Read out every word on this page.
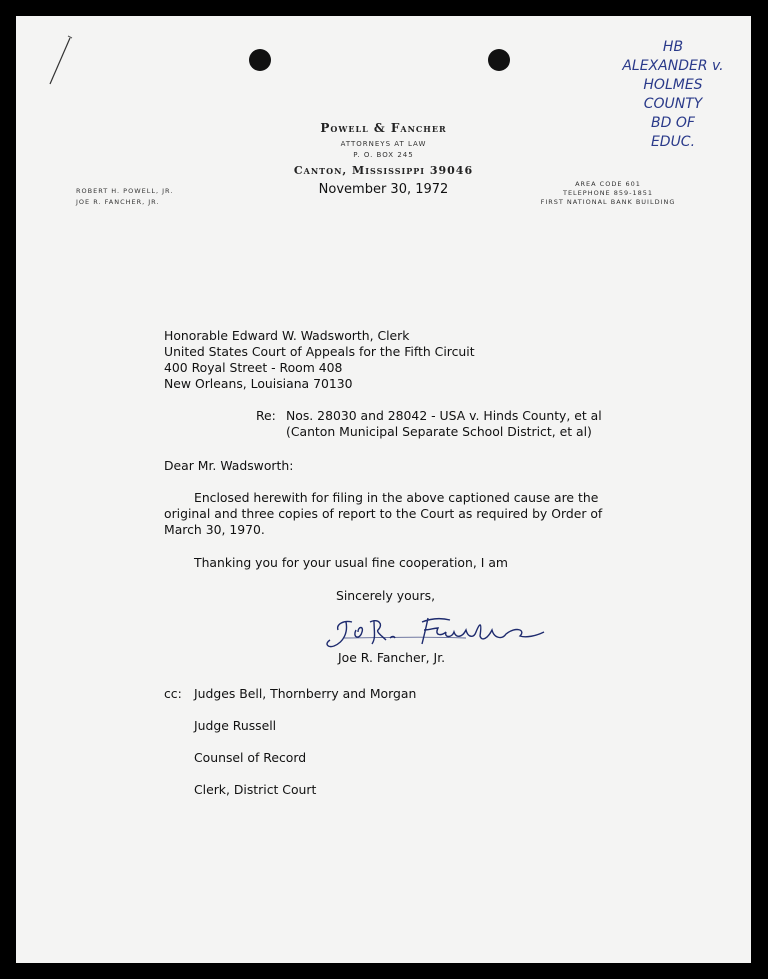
HB
ALEXANDER v.
HOLMES
COUNTY
BD OF
EDUC.
Powell & Fancher
ATTORNEYS AT LAW
P. O. BOX 245
Canton, Mississippi 39046
ROBERT H. POWELL, JR.
JOE R. FANCHER, JR.
AREA CODE 601
TELEPHONE 859-1851
FIRST NATIONAL BANK BUILDING
November 30, 1972
Honorable Edward W. Wadsworth, Clerk
United States Court of Appeals for the Fifth Circuit
400 Royal Street - Room 408
New Orleans, Louisiana 70130
Re: Nos. 28030 and 28042 - USA v. Hinds County, et al
(Canton Municipal Separate School District, et al)
Dear Mr. Wadsworth:
Enclosed herewith for filing in the above captioned cause are the
original and three copies of report to the Court as required by Order of
March 30, 1970.
Thanking you for your usual fine cooperation, I am
Sincerely yours,
Joe R. Fancher, Jr.
cc: Judges Bell, Thornberry and Morgan
Judge Russell
Counsel of Record
Clerk, District Court
